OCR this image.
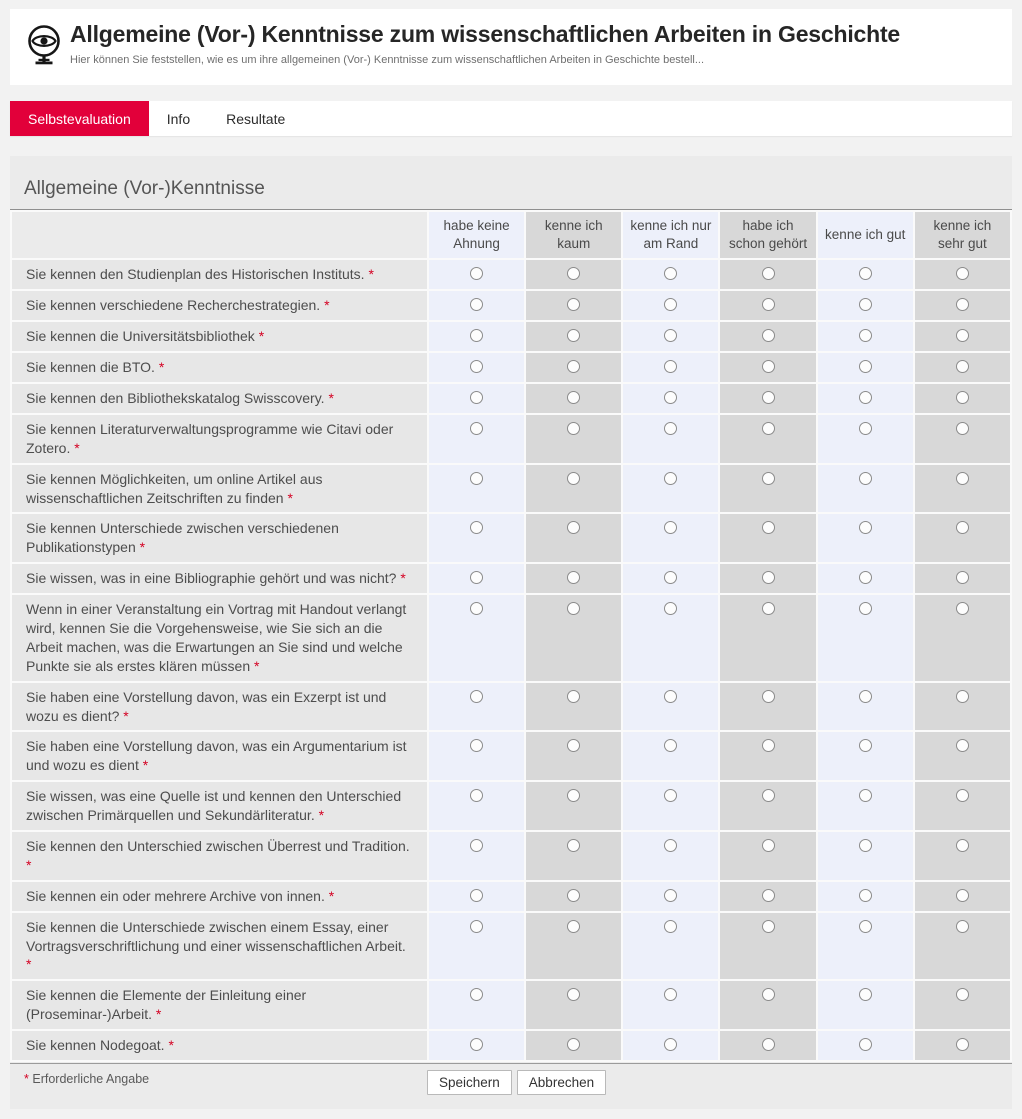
Allgemeine (Vor-) Kenntnisse zum wissenschaftlichen Arbeiten in Geschichte
Hier können Sie feststellen, wie es um ihre allgemeinen (Vor-) Kenntnisse zum wissenschaftlichen Arbeiten in Geschichte bestell...
Selbstevaluation	Info	Resultate
Allgemeine (Vor-)Kenntnisse
	habe keine Ahnung	kenne ich kaum	kenne ich nur am Rand	habe ich schon gehört	kenne ich gut	kenne ich sehr gut
Sie kennen den Studienplan des Historischen Instituts. *						
Sie kennen verschiedene Recherchestrategien. *						
Sie kennen die Universitätsbibliothek *						
Sie kennen die BTO. *						
Sie kennen den Bibliothekskatalog Swisscovery. *						
Sie kennen Literaturverwaltungsprogramme wie Citavi oder Zotero. *						
Sie kennen Möglichkeiten, um online Artikel aus wissenschaftlichen Zeitschriften zu finden *						
Sie kennen Unterschiede zwischen verschiedenen Publikationstypen *						
Sie wissen, was in eine Bibliographie gehört und was nicht? *						
Wenn in einer Veranstaltung ein Vortrag mit Handout verlangt wird, kennen Sie die Vorgehensweise, wie Sie sich an die Arbeit machen, was die Erwartungen an Sie sind und welche Punkte sie als erstes klären müssen *						
Sie haben eine Vorstellung davon, was ein Exzerpt ist und wozu es dient? *						
Sie haben eine Vorstellung davon, was ein Argumentarium ist und wozu es dient *						
Sie wissen, was eine Quelle ist und kennen den Unterschied zwischen Primärquellen und Sekundärliteratur. *						
Sie kennen den Unterschied zwischen Überrest und Tradition. *						
Sie kennen ein oder mehrere Archive von innen. *						
Sie kennen die Unterschiede zwischen einem Essay, einer Vortragsverschriftlichung und einer wissenschaftlichen Arbeit. *						
Sie kennen die Elemente der Einleitung einer (Proseminar-)Arbeit. *						
Sie kennen Nodegoat. *						
* Erforderliche Angabe	Speichern	Abbrechen
